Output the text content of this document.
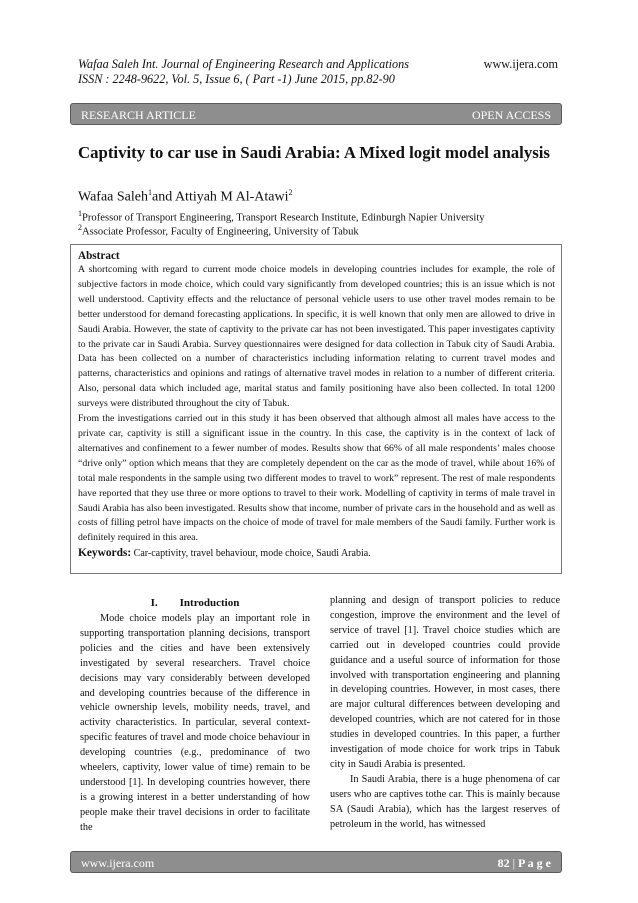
Wafaa Saleh Int. Journal of Engineering Research and Applications
ISSN : 2248-9622, Vol. 5, Issue 6, ( Part -1) June 2015, pp.82-90
www.ijera.com
RESEARCH ARTICLE	OPEN ACCESS
Captivity to car use in Saudi Arabia: A Mixed logit model analysis
Wafaa Saleh$^1$and Attiyah M Al-Atawi$^2$
$^1$Professor of Transport Engineering, Transport Research Institute, Edinburgh Napier University
$^2$Associate Professor, Faculty of Engineering, University of Tabuk
Abstract

A shortcoming with regard to current mode choice models in developing countries includes for example, the role of subjective factors in mode choice, which could vary significantly from developed countries; this is an issue which is not well understood. Captivity effects and the reluctance of personal vehicle users to use other travel modes remain to be better understood for demand forecasting applications. In specific, it is well known that only men are allowed to drive in Saudi Arabia. However, the state of captivity to the private car has not been investigated. This paper investigates captivity to the private car in Saudi Arabia. Survey questionnaires were designed for data collection in Tabuk city of Saudi Arabia. Data has been collected on a number of characteristics including information relating to current travel modes and patterns, characteristics and opinions and ratings of alternative travel modes in relation to a number of different criteria. Also, personal data which included age, marital status and family positioning have also been collected. In total 1200 surveys were distributed throughout the city of Tabuk.

From the investigations carried out in this study it has been observed that although almost all males have access to the private car, captivity is still a significant issue in the country. In this case, the captivity is in the context of lack of alternatives and confinement to a fewer number of modes. Results show that 66% of all male respondents’ males choose “drive only” option which means that they are completely dependent on the car as the mode of travel, while about 16% of total male respondents in the sample using two different modes to travel to work” represent. The rest of male respondents have reported that they use three or more options to travel to their work. Modelling of captivity in terms of male travel in Saudi Arabia has also been investigated. Results show that income, number of private cars in the household and as well as costs of filling petrol have impacts on the choice of mode of travel for male members of the Saudi family. Further work is definitely required in this area.

Keywords: Car-captivity, travel behaviour, mode choice, Saudi Arabia.
I.        Introduction

Mode choice models play an important role in supporting transportation planning decisions, transport policies and the cities and have been extensively investigated by several researchers. Travel choice decisions may vary considerably between developed and developing countries because of the difference in vehicle ownership levels, mobility needs, travel, and activity characteristics. In particular, several context-specific features of travel and mode choice behaviour in developing countries (e.g., predominance of two wheelers, captivity, lower value of time) remain to be understood [1]. In developing countries however, there is a growing interest in a better understanding of how people make their travel decisions in order to facilitate the

planning and design of transport policies to reduce congestion, improve the environment and the level of service of travel [1]. Travel choice studies which are carried out in developed countries could provide guidance and a useful source of information for those involved with transportation engineering and planning in developing countries. However, in most cases, there are major cultural differences between developing and developed countries, which are not catered for in those studies in developed countries. In this paper, a further investigation of mode choice for work trips in Tabuk city in Saudi Arabia is presented.

In Saudi Arabia, there is a huge phenomena of car users who are captives tothe car. This is mainly because SA (Saudi Arabia), which has the largest reserves of petroleum in the world, has witnessed

www.ijera.com	82 | P a g e
